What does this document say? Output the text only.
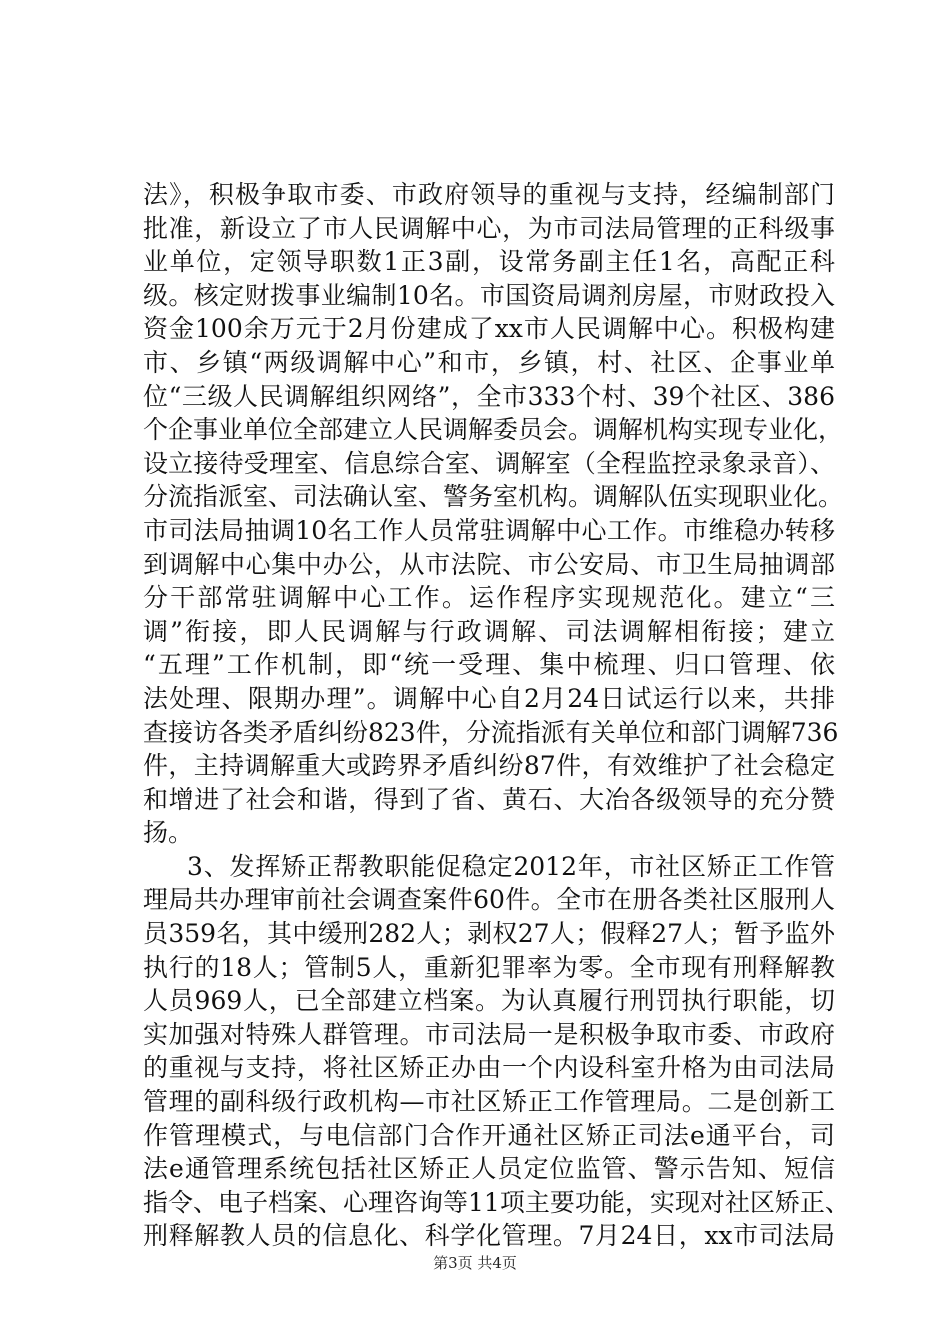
法》，积极争取市委、市政府领导的重视与支持，经编制部门
批准，新设立了市人民调解中心，为市司法局管理的正科级事
业单位，定领导职数1正3副，设常务副主任1名，高配正科
级。核定财拨事业编制10名。市国资局调剂房屋，市财政投入
资金100余万元于2月份建成了xx市人民调解中心。积极构建
市、乡镇“两级调解中心”和市，乡镇，村、社区、企事业单
位“三级人民调解组织网络”，全市333个村、39个社区、386
个企事业单位全部建立人民调解委员会。调解机构实现专业化，
设立接待受理室、信息综合室、调解室（全程监控录象录音）、
分流指派室、司法确认室、警务室机构。调解队伍实现职业化。
市司法局抽调10名工作人员常驻调解中心工作。市维稳办转移
到调解中心集中办公，从市法院、市公安局、市卫生局抽调部
分干部常驻调解中心工作。运作程序实现规范化。建立“三
调”衔接，即人民调解与行政调解、司法调解相衔接；建立
“五理”工作机制，即“统一受理、集中梳理、归口管理、依
法处理、限期办理”。调解中心自2月24日试运行以来，共排
查接访各类矛盾纠纷823件，分流指派有关单位和部门调解736
件，主持调解重大或跨界矛盾纠纷87件，有效维护了社会稳定
和增进了社会和谐，得到了省、黄石、大冶各级领导的充分赞
扬。
3、发挥矫正帮教职能促稳定2012年，市社区矫正工作管
理局共办理审前社会调查案件60件。全市在册各类社区服刑人
员359名，其中缓刑282人；剥权27人；假释27人；暂予监外
执行的18人；管制5人，重新犯罪率为零。全市现有刑释解教
人员969人，已全部建立档案。为认真履行刑罚执行职能，切
实加强对特殊人群管理。市司法局一是积极争取市委、市政府
的重视与支持，将社区矫正办由一个内设科室升格为由司法局
管理的副科级行政机构—市社区矫正工作管理局。二是创新工
作管理模式，与电信部门合作开通社区矫正司法e通平台，司
法e通管理系统包括社区矫正人员定位监管、警示告知、短信
指令、电子档案、心理咨询等11项主要功能，实现对社区矫正、
刑释解教人员的信息化、科学化管理。7月24日，xx市司法局
第3页 共4页
